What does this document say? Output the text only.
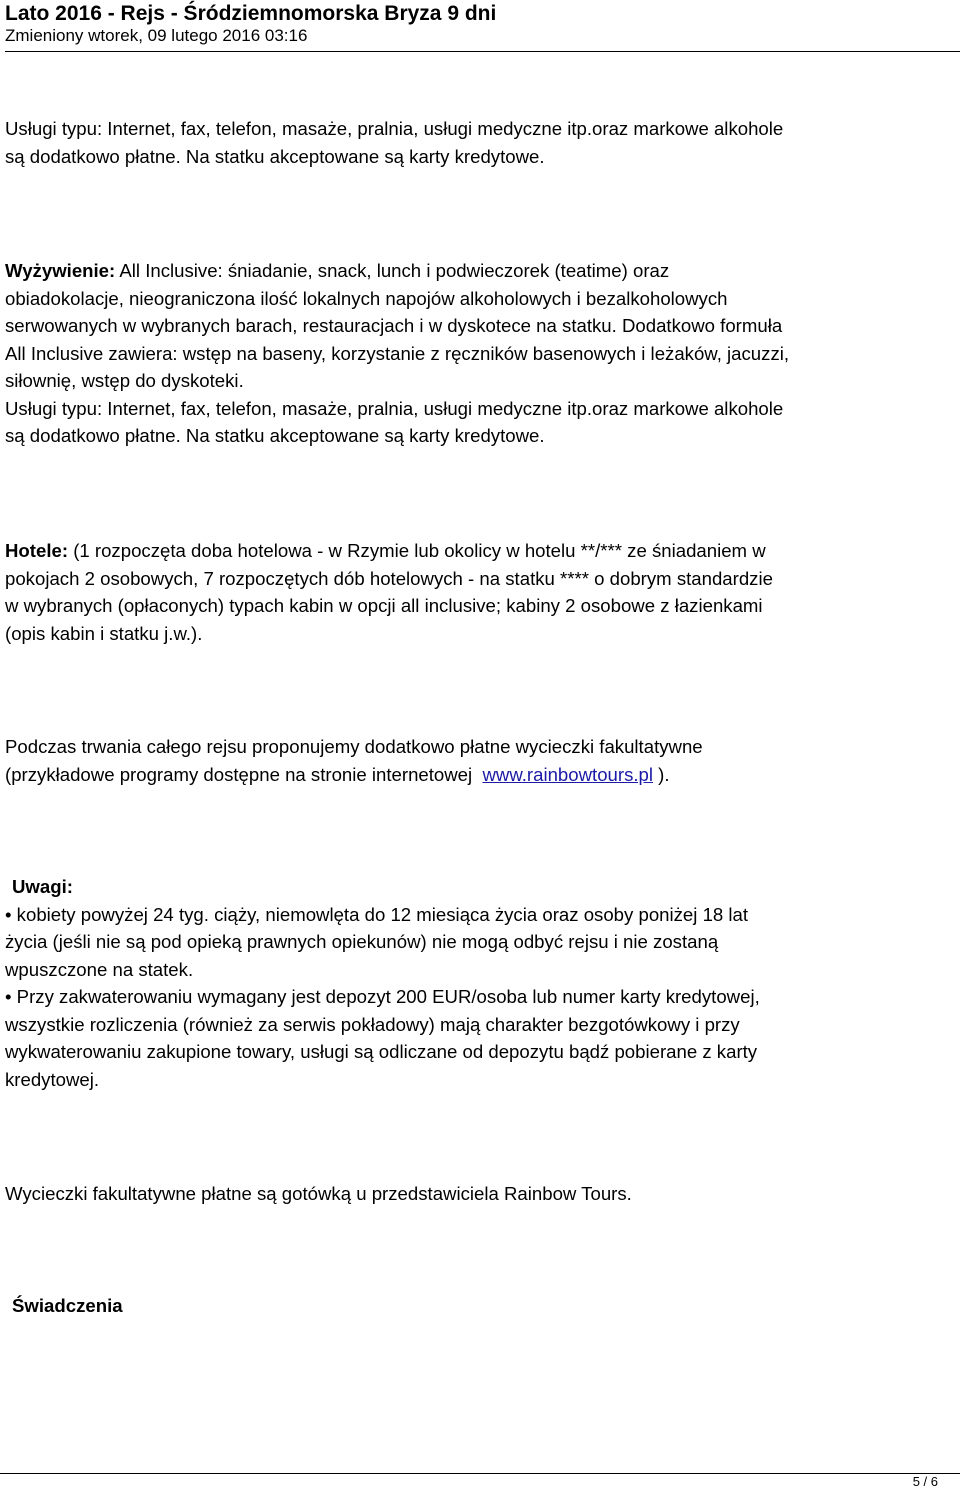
Lato 2016 - Rejs - Śródziemnomorska Bryza 9 dni
Zmieniony wtorek, 09 lutego 2016 03:16

Usługi typu: Internet, fax, telefon, masaże, pralnia, usługi medyczne itp.oraz markowe alkohole

są dodatkowo płatne. Na statku akceptowane są karty kredytowe.

Wyżywienie: All Inclusive: śniadanie, snack, lunch i podwieczorek (teatime) oraz

obiadokolacje, nieograniczona ilość lokalnych napojów alkoholowych i bezalkoholowych

serwowanych w wybranych barach, restauracjach i w dyskotece na statku. Dodatkowo formuła

All Inclusive zawiera: wstęp na baseny, korzystanie z ręczników basenowych i leżaków, jacuzzi,

siłownię, wstęp do dyskoteki.

Usługi typu: Internet, fax, telefon, masaże, pralnia, usługi medyczne itp.oraz markowe alkohole

są dodatkowo płatne. Na statku akceptowane są karty kredytowe.

Hotele: (1 rozpoczęta doba hotelowa - w Rzymie lub okolicy w hotelu **/*** ze śniadaniem w

pokojach 2 osobowych, 7 rozpoczętych dób hotelowych - na statku **** o dobrym standardzie

w wybranych (opłaconych) typach kabin w opcji all inclusive; kabiny 2 osobowe z łazienkami

(opis kabin i statku j.w.).

Podczas trwania całego rejsu proponujemy dodatkowo płatne wycieczki fakultatywne

(przykładowe programy dostępne na stronie internetowej  www.rainbowtours.pl ).

Uwagi:

• kobiety powyżej 24 tyg. ciąży, niemowlęta do 12 miesiąca życia oraz osoby poniżej 18 lat

życia (jeśli nie są pod opieką prawnych opiekunów) nie mogą odbyć rejsu i nie zostaną

wpuszczone na statek.

• Przy zakwaterowaniu wymagany jest depozyt 200 EUR/osoba lub numer karty kredytowej,

wszystkie rozliczenia (również za serwis pokładowy) mają charakter bezgotówkowy i przy

wykwaterowaniu zakupione towary, usługi są odliczane od depozytu bądź pobierane z karty

kredytowej.

Wycieczki fakultatywne płatne są gotówką u przedstawiciela Rainbow Tours.

Świadczenia

5 / 6
